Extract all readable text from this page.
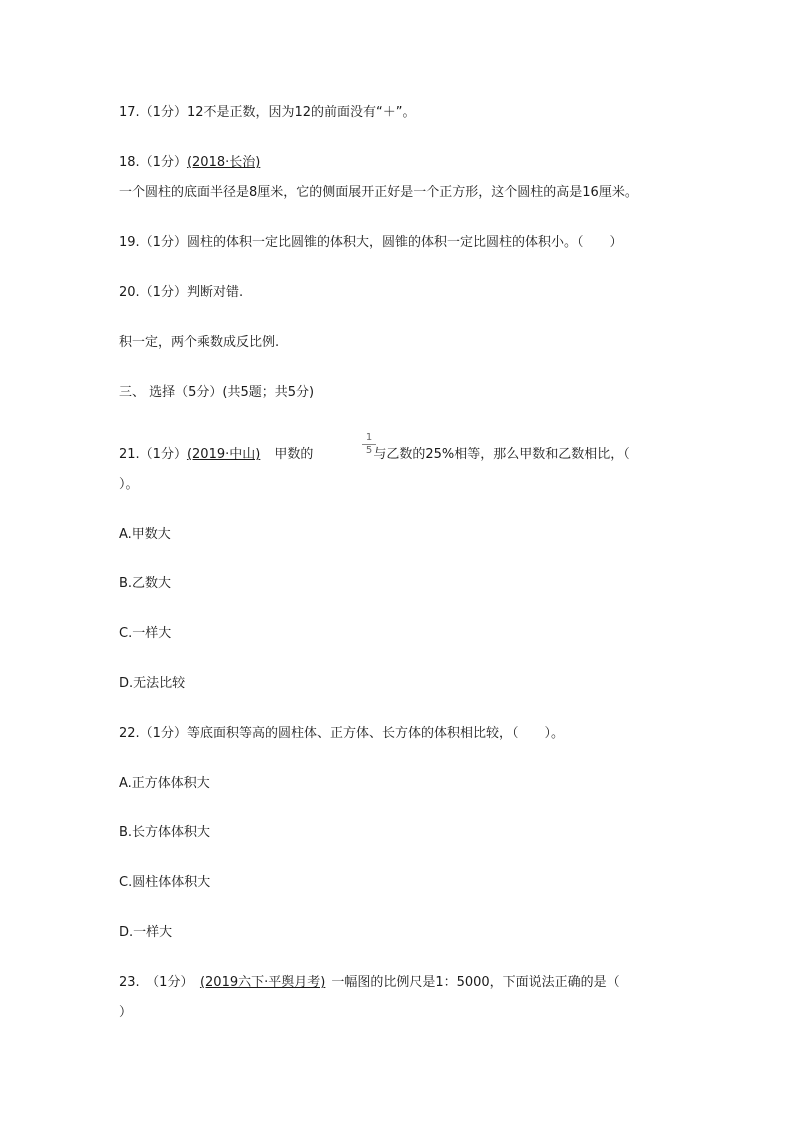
17.（1分）12不是正数，因为12的前面没有“＋”。
18.（1分）(2018·长治)
一个圆柱的底面半径是8厘米，它的侧面展开正好是一个正方形，这个圆柱的高是16厘米。
19.（1分）圆柱的体积一定比圆锥的体积大，圆锥的体积一定比圆柱的体积小。（　　）
20.（1分）判断对错.
积一定，两个乘数成反比例.
三、 选择（5分）(共5题；共5分)
21.（1分）(2019·中山) 甲数的	与乙数的25%相等，那么甲数和乙数相比，（
1
5
）。
A.甲数大
B.乙数大
C.一样大
D.无法比较
22.（1分）等底面积等高的圆柱体、正方体、长方体的体积相比较，（　　）。
A.正方体体积大
B.长方体体积大
C.圆柱体体积大
D.一样大
23.　（1分）　(2019六下·平舆月考) 一幅图的比例尺是1：5000，下面说法正确的是（
）
